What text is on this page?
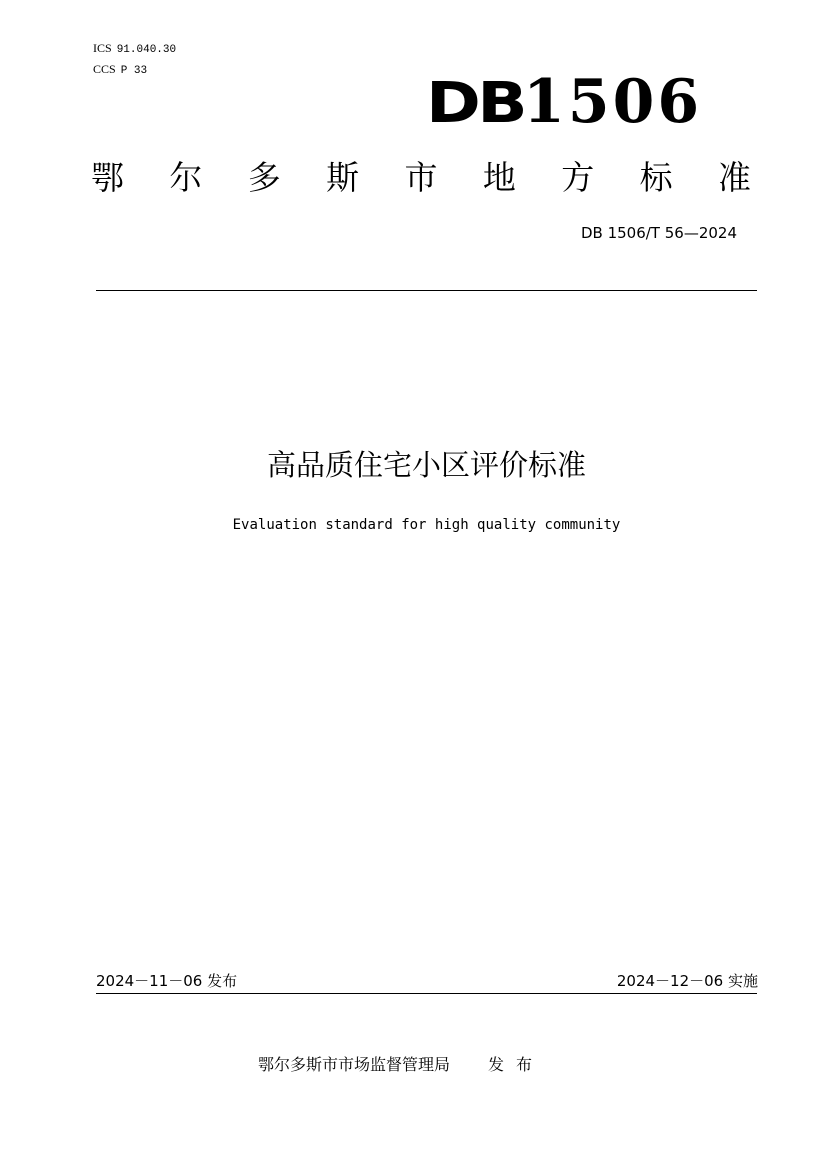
ICS 91.040.30
CCS P 33	DB 1506
鄂 尔 多 斯 市 地 方 标 准
DB 1506/T 56—2024
高品质住宅小区评价标准
Evaluation standard for high quality community
2024－11－06 发布	2024－12－06 实施
鄂尔多斯市市场监督管理局 发布
